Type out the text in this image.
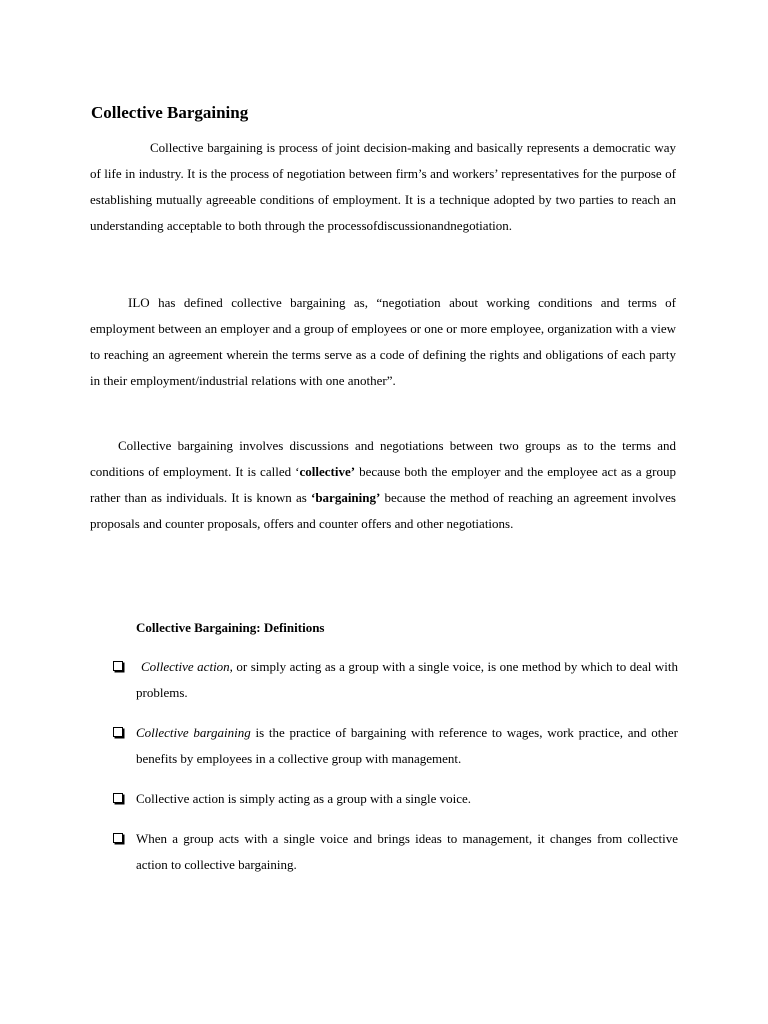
Collective Bargaining

Collective bargaining is process of joint decision-making and basically represents a democratic way of life in industry. It is the process of negotiation between firm’s and workers’ representatives for the purpose of establishing mutually agreeable conditions of employment. It is a technique adopted by two parties to reach an understanding acceptable to both through the processofdiscussionandnegotiation.

ILO has defined collective bargaining as, “negotiation about working conditions and terms of employment between an employer and a group of employees or one or more employee, organization with a view to reaching an agreement wherein the terms serve as a code of defining the rights and obligations of each party in their employment/industrial relations with one another”.

Collective bargaining involves discussions and negotiations between two groups as to the terms and conditions of employment. It is called ‘collective’ because both the employer and the employee act as a group rather than as individuals. It is known as ‘bargaining’ because the method of reaching an agreement involves proposals and counter proposals, offers and counter offers and other negotiations.

Collective Bargaining: Definitions
Collective action, or simply acting as a group with a single voice, is one method by which to deal with problems.
Collective bargaining is the practice of bargaining with reference to wages, work practice, and other benefits by employees in a collective group with management.
Collective action is simply acting as a group with a single voice.
When a group acts with a single voice and brings ideas to management, it changes from collective action to collective bargaining.
